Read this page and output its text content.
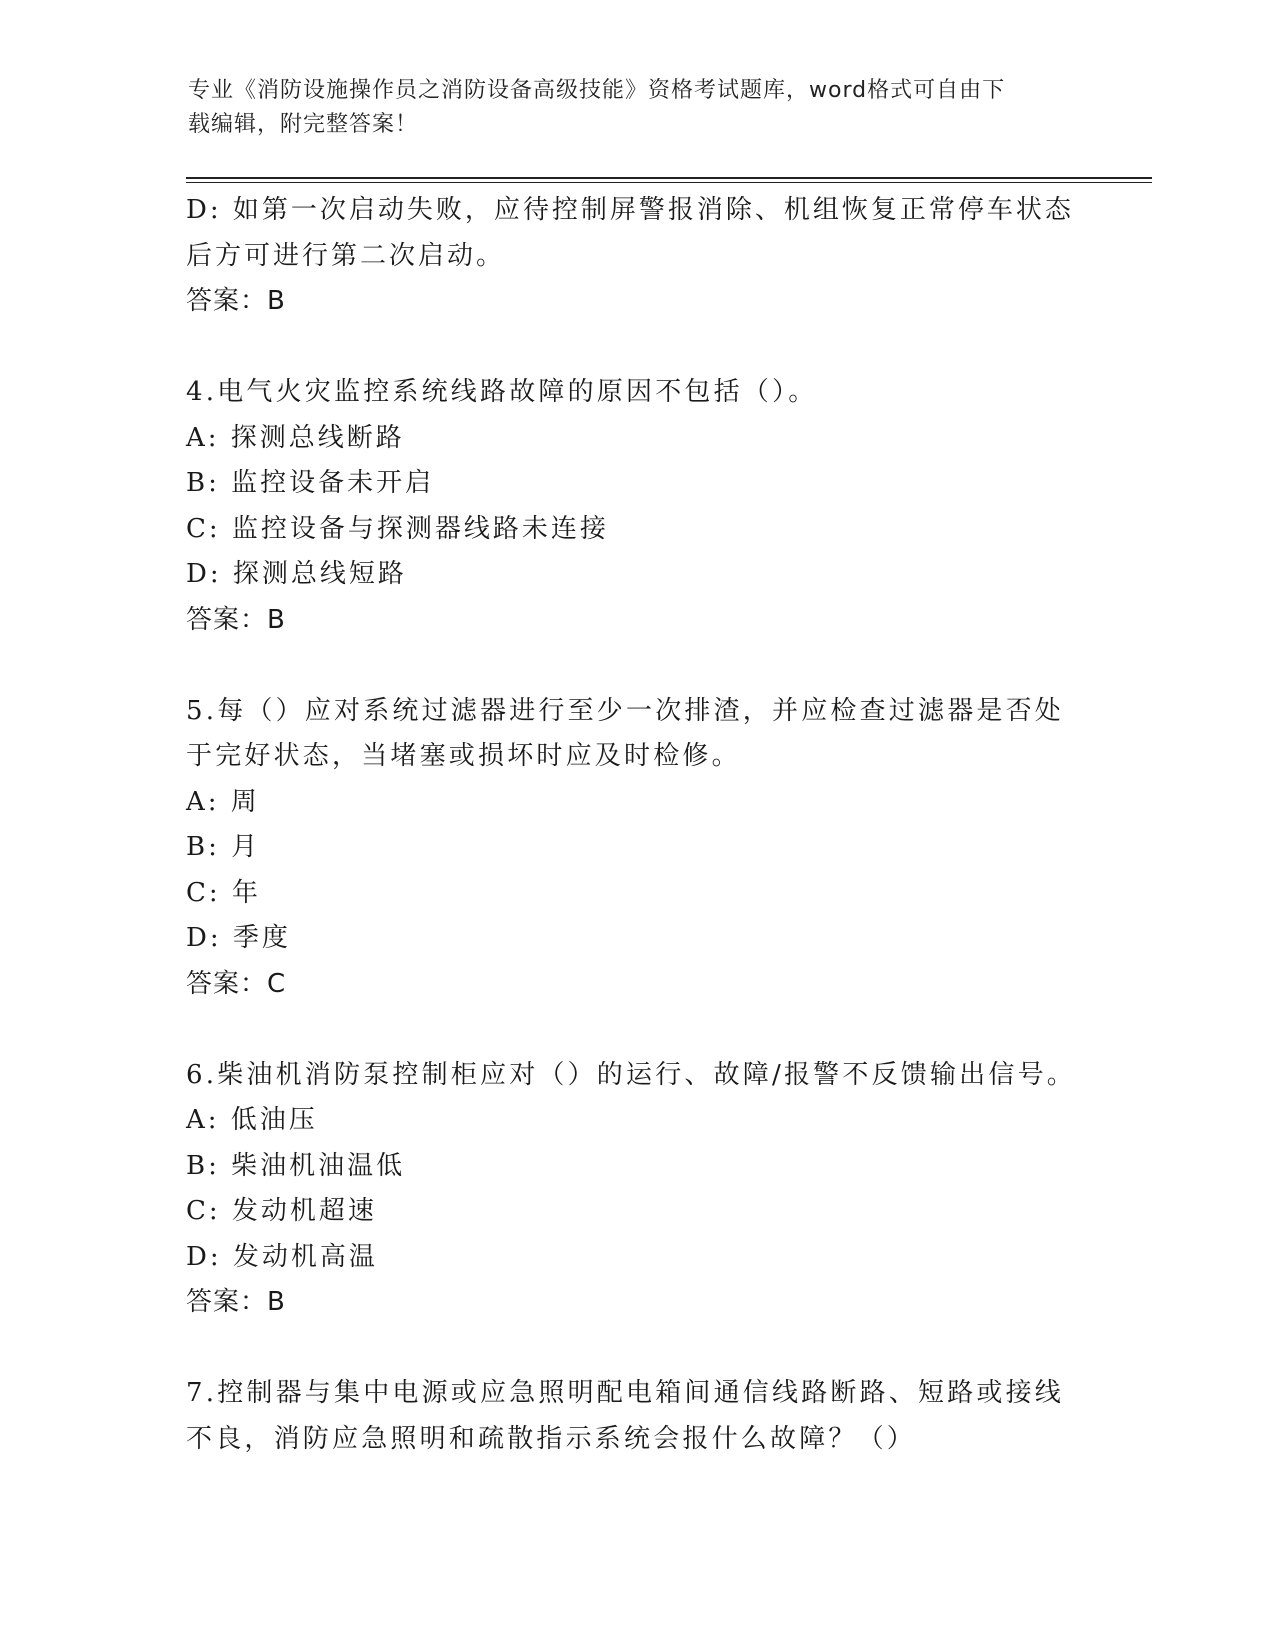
专业《消防设施操作员之消防设备高级技能》资格考试题库，word格式可自由下
载编辑，附完整答案！
D: 如第一次启动失败，应待控制屏警报消除、机组恢复正常停车状态
后方可进行第二次启动。
答案：B
4.电气火灾监控系统线路故障的原因不包括（）。
A: 探测总线断路
B: 监控设备未开启
C: 监控设备与探测器线路未连接
D: 探测总线短路
答案：B
5.每（）应对系统过滤器进行至少一次排渣，并应检查过滤器是否处
于完好状态，当堵塞或损坏时应及时检修。
A: 周
B: 月
C: 年
D: 季度
答案：C
6.柴油机消防泵控制柜应对（）的运行、故障/报警不反馈输出信号。
A: 低油压
B: 柴油机油温低
C: 发动机超速
D: 发动机高温
答案：B
7.控制器与集中电源或应急照明配电箱间通信线路断路、短路或接线
不良，消防应急照明和疏散指示系统会报什么故障？（）
